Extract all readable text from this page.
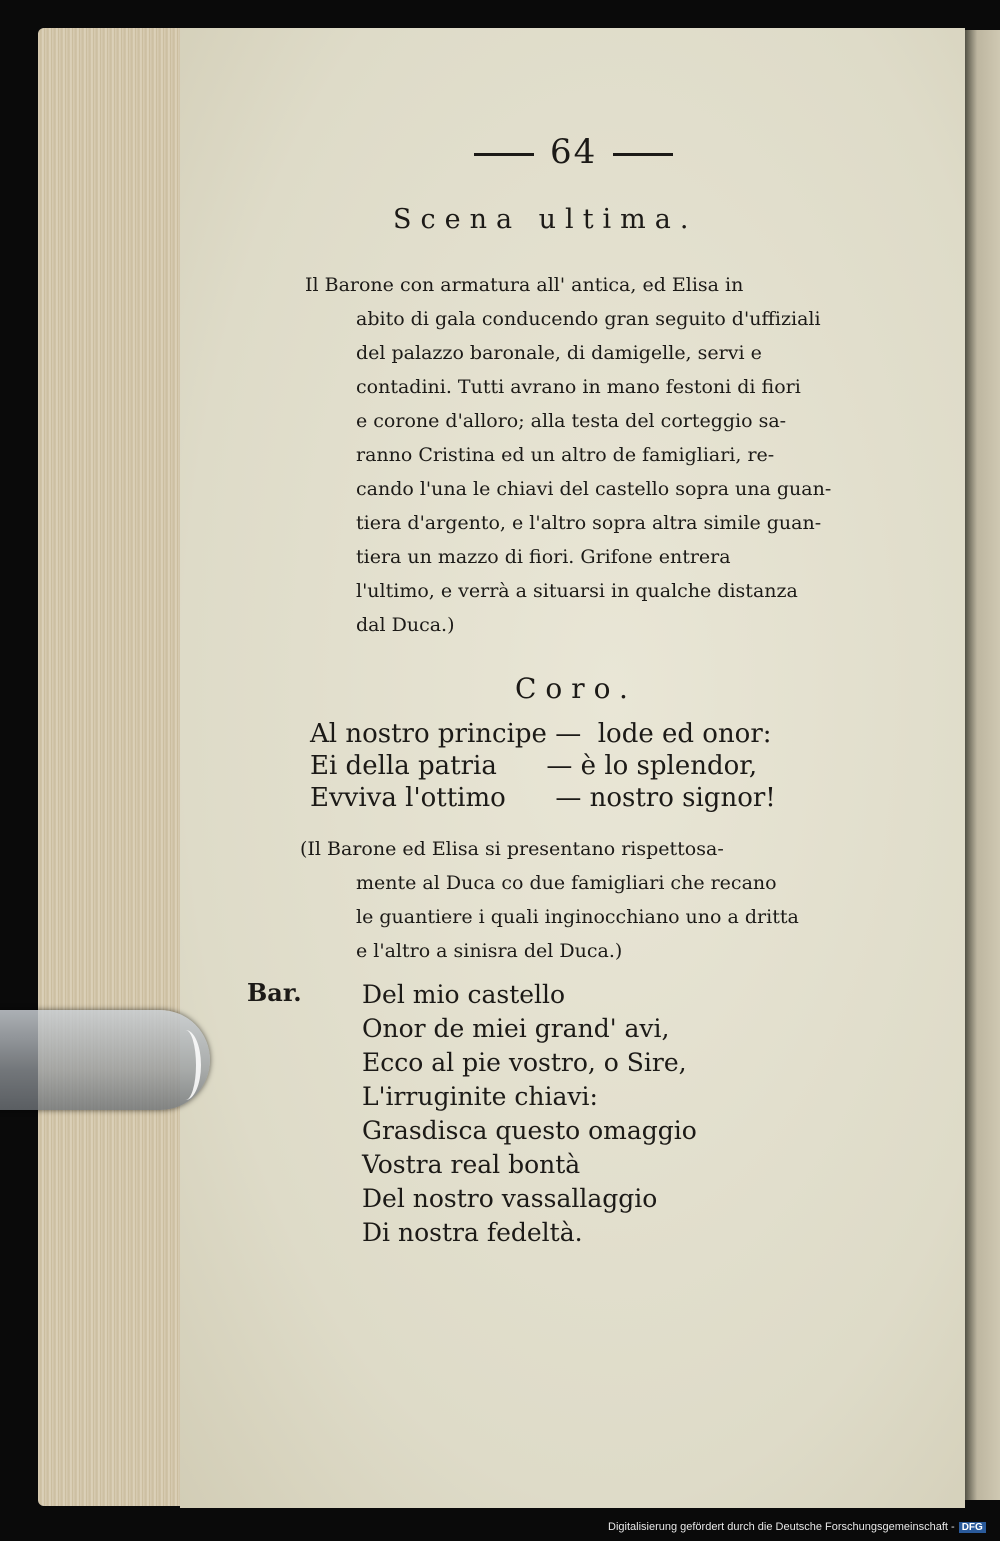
64
Scena ultima.
Il Barone con armatura all' antica, ed Elisa in
abito di gala conducendo gran seguito d'uffiziali
del palazzo baronale, di damigelle, servi e
contadini. Tutti avrano in mano festoni di fiori
e corone d'alloro; alla testa del corteggio sa-
ranno Cristina ed un altro de famigliari, re-
cando l'una le chiavi del castello sopra una guan-
tiera d'argento, e l'altro sopra altra simile guan-
tiera un mazzo di fiori. Grifone entrera
l'ultimo, e verrà a situarsi in qualche distanza
dal Duca.)
Coro.
Al nostro principe —  lode ed onor:
Ei della patria      — è lo splendor,
Evviva l'ottimo      — nostro signor!
(Il Barone ed Elisa si presentano rispettosa-
mente al Duca co due famigliari che recano
le guantiere i quali inginocchiano uno a dritta
e l'altro a sinisra del Duca.)
Bar. Del mio castello
Onor de miei grand' avi,
Ecco al pie vostro, o Sire,
L'irruginite chiavi:
Grasdisca questo omaggio
Vostra real bontà
Del nostro vassallaggio
Di nostra fedeltà.
Digitalisierung gefördert durch die Deutsche Forschungsgemeinschaft - DFG
